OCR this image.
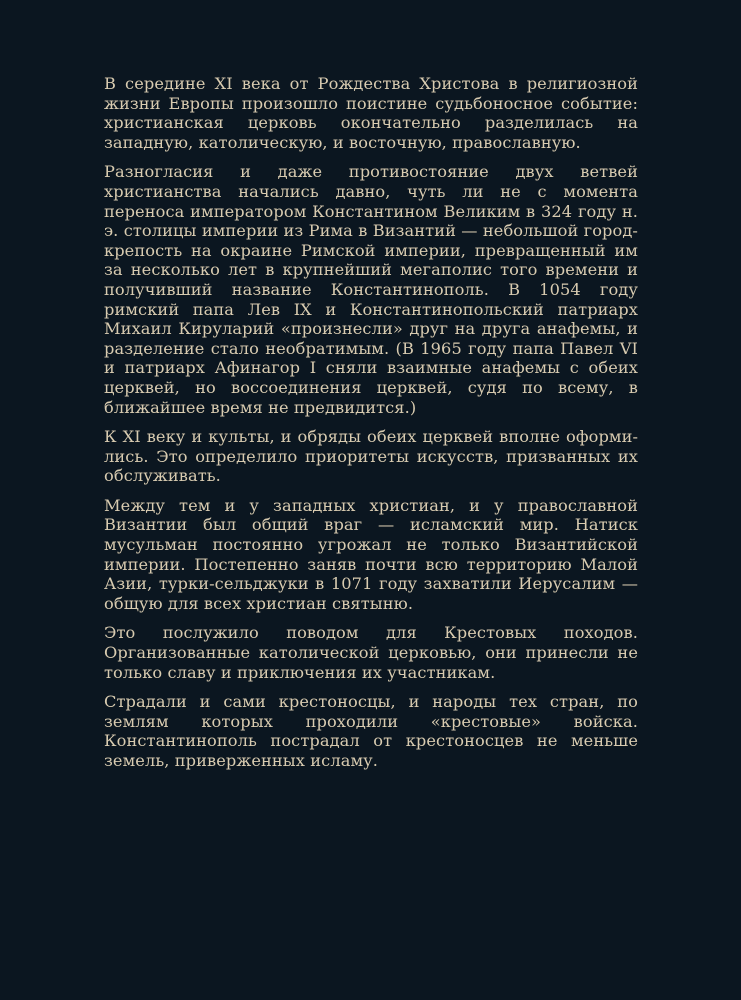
В середине XI века от Рождества Христова в религиозной жизни Европы произошло поистине судьбоносное событие: христианская церковь окончательно разделилась на западную, католическую, и восточную, православную.

Разногласия и даже противостояние двух ветвей христианства начались давно, чуть ли не с момента переноса императором Константином Великим в 324 году н. э. столицы империи из Рима в Византий — небольшой город-крепость на окраине Римской империи, превращенный им за несколько лет в крупнейший мегаполис того времени и получивший название Константинополь. В 1054 году римский папа Лев IX и Константинопольский патриарх Михаил Кируларий «произнесли» друг на друга анафемы, и разделение стало необратимым. (В 1965 году папа Павел VI и патриарх Афинагор I сняли взаимные анафемы с обеих церквей, но воссоединения церквей, судя по всему, в ближайшее время не предвидится.)

К XI веку и культы, и обряды обеих церквей вполне оформились. Это определило приоритеты искусств, призванных их обслуживать.

Между тем и у западных христиан, и у православной Византии был общий враг — исламский мир. Натиск мусульман постоянно угрожал не только Византийской империи. Постепенно заняв почти всю территорию Малой Азии, турки-сельджуки в 1071 году захватили Иерусалим — общую для всех христиан святыню.

Это послужило поводом для Крестовых походов. Организованные католической церковью, они принесли не только славу и приключения их участникам.

Страдали и сами крестоносцы, и народы тех стран, по землям которых проходили «крестовые» войска. Константинополь пострадал от крестоносцев не меньше земель, приверженных исламу.
